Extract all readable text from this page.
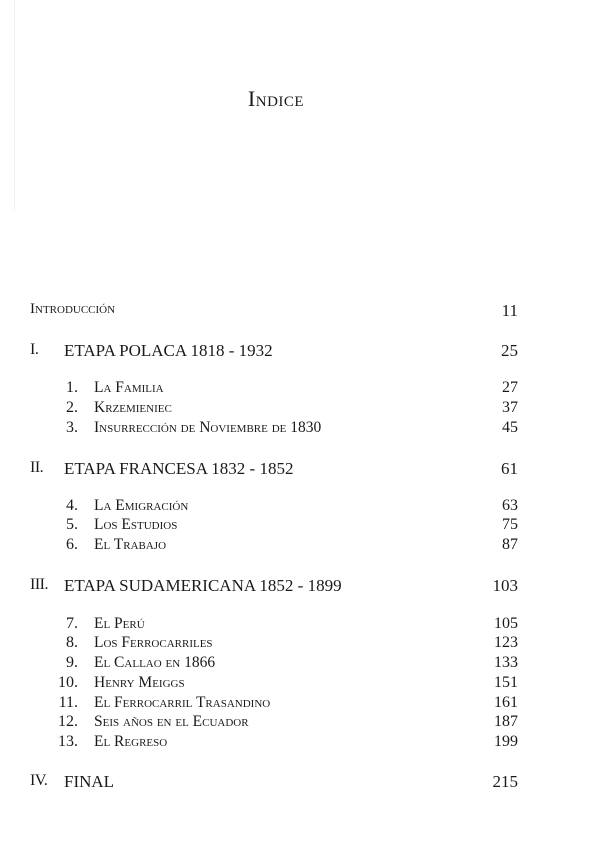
Indice
Introducción	11
I. ETAPA POLACA 1818 - 1932	25
1. La Familia	27
2. Krzemieniec	37
3. Insurrección de Noviembre de 1830	45
II. ETAPA FRANCESA 1832 - 1852	61
4. La Emigración	63
5. Los Estudios	75
6. El Trabajo	87
III. ETAPA SUDAMERICANA 1852 - 1899	103
7. El Perú	105
8. Los Ferrocarriles	123
9. El Callao en 1866	133
10. Henry Meiggs	151
11. El Ferrocarril Trasandino	161
12. Seis años en el Ecuador	187
13. El Regreso	199
IV. FINAL	215
